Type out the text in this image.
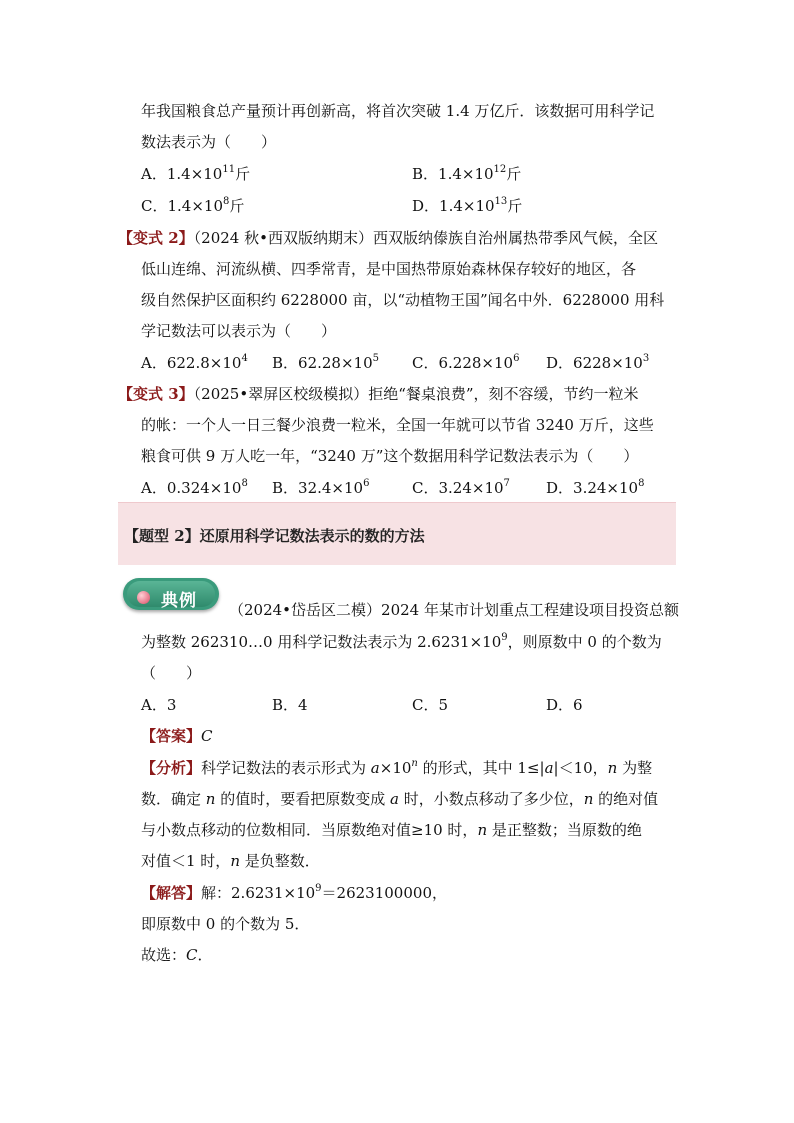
年我国粮食总产量预计再创新高，将首次突破 1.4 万亿斤．该数据可用科学记
数法表示为（　　）
A．$1.4\times 10^{11}$斤	B．$1.4\times 10^{12}$斤
C．$1.4\times 10^8$斤	D．$1.4\times 10^{13}$斤
【变式 2】（2024 秋•西双版纳期末）西双版纳傣族自治州属热带季风气候，全区
低山连绵、河流纵横、四季常青，是中国热带原始森林保存较好的地区，各
级自然保护区面积约 6228000 亩，以“动植物王国”闻名中外．6228000 用科
学记数法可以表示为（　　）
A．$622.8\times 10^4$ B．$62.28\times 10^5$ C．$6.228\times 10^6$ D．$6228\times 10^3$
【变式 3】（2025•翠屏区校级模拟）拒绝“餐桌浪费”，刻不容缓，节约一粒米
的帐：一个人一日三餐少浪费一粒米，全国一年就可以节省 3240 万斤，这些
粮食可供 9 万人吃一年，“3240 万”这个数据用科学记数法表示为（　　）
A．$0.324\times 10^8$ B．$32.4\times 10^6$	C．$3.24\times 10^7$ D．$3.24\times 10^8$
【题型 2】还原用科学记数法表示的数的方法
典例 （2024•岱岳区二模）2024 年某市计划重点工程建设项目投资总额
为整数 262310…0 用科学记数法表示为 $2.6231\times 10^9$，则原数中 0 的个数为
（　　）
A．3	B．4	C．5	D．6
【答案】C
【分析】科学记数法的表示形式为 $a\times 10^n$ 的形式，其中 1≤|a|＜10，n 为整
数．确定 n 的值时，要看把原数变成 a 时，小数点移动了多少位，n 的绝对值
与小数点移动的位数相同．当原数绝对值≥10 时，n 是正整数；当原数的绝
对值＜1 时，n 是负整数．
【解答】解：$2.6231\times 10^9=2623100000$，
即原数中 0 的个数为 5．
故选：C．
